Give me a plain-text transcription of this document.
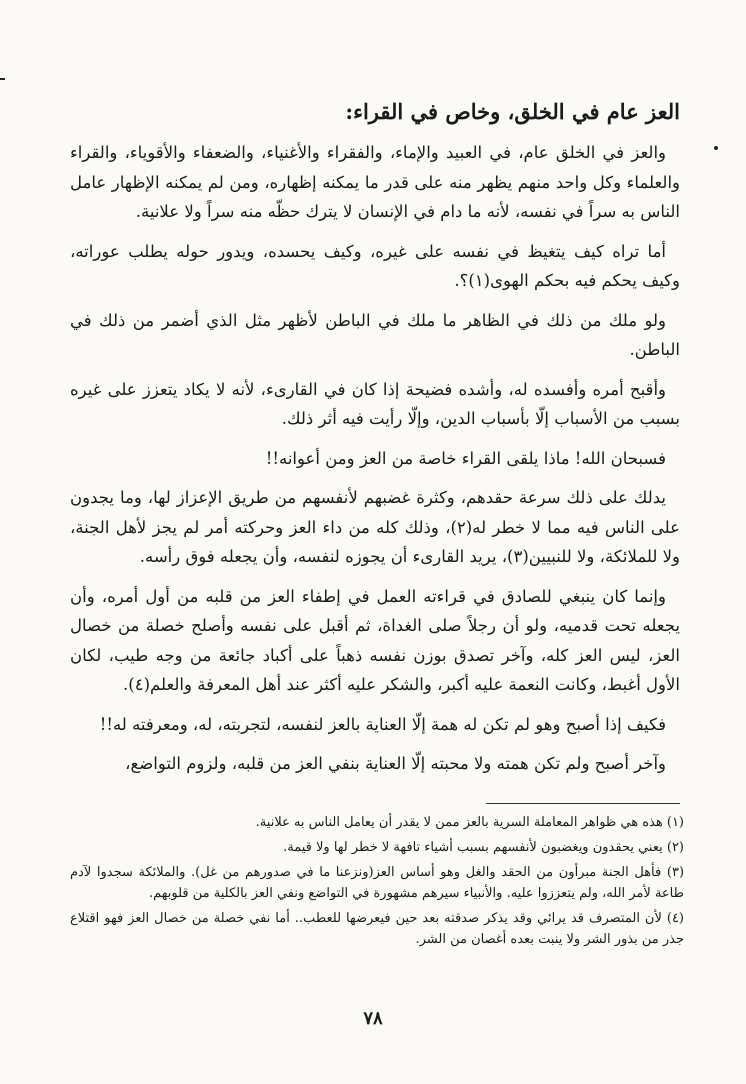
العز عام في الخلق، وخاص في القراء:

والعز في الخلق عام، في العبيد والإماء، والفقراء والأغنياء، والضعفاء والأقوياء، والقراء والعلماء وكل واحد منهم يظهر منه على قدر ما يمكنه إظهاره، ومن لم يمكنه الإظهار عامل الناس به سراً في نفسه، لأنه ما دام في الإنسان لا يترك حظّه منه سراً ولا علانية.

أما تراه كيف يتغيظ في نفسه على غيره، وكيف يحسده، ويدور حوله يطلب عوراته، وكيف يحكم فيه بحكم الهوى(١)؟.

ولو ملك من ذلك في الظاهر ما ملك في الباطن لأظهر مثل الذي أضمر من ذلك في الباطن.

وأقبح أمره وأفسده له، وأشده فضيحة إذا كان في القارىء، لأنه لا يكاد يتعزز على غيره بسبب من الأسباب إلّا بأسباب الدين، وإلّا رأيت فيه أثر ذلك.

فسبحان الله! ماذا يلقى القراء خاصة من العز ومن أعوانه!!

يدلك على ذلك سرعة حقدهم، وكثرة غضبهم لأنفسهم من طريق الإعزاز لها، وما يجدون على الناس فيه مما لا خطر له(٢)، وذلك كله من داء العز وحركته أمر لم يجز لأهل الجنة، ولا للملائكة، ولا للنبيين(٣)، يريد القارىء أن يجوزه لنفسه، وأن يجعله فوق رأسه.

وإنما كان ينبغي للصادق في قراءته العمل في إطفاء العز من قلبه من أول أمره، وأن يجعله تحت قدميه، ولو أن رجلاً صلى الغداة، ثم أقبل على نفسه وأصلح خصلة من خصال العز، ليس العز كله، وآخر تصدق بوزن نفسه ذهباً على أكباد جائعة من وجه طيب، لكان الأول أغبط، وكانت النعمة عليه أكبر، والشكر عليه أكثر عند أهل المعرفة والعلم(٤).

فكيف إذا أصبح وهو لم تكن له همة إلّا العناية بالعز لنفسه، لتجربته، له، ومعرفته له!!

وآخر أصبح ولم تكن همته ولا محبته إلّا العناية بنفي العز من قلبه، ولزوم التواضع،

(١) هذه هي ظواهر المعاملة السرية بالعز ممن لا يقدر أن يعامل الناس به علانية.

(٢) يعني يحقدون ويغضبون لأنفسهم بسبب أشياء تافهة لا خطر لها ولا قيمة.

(٣) فأهل الجنة مبرأون من الحقد والغل وهو أساس العز(ونزعنا ما في صدورهم من غل). والملائكة سجدوا لآدم طاعة لأمر الله، ولم يتعززوا عليه. والأنبياء سيرهم مشهورة في التواضع ونفي العز بالكلية من قلوبهم.

(٤) لأن المتصرف قد يرائي وقد يذكر صدقته بعد حين فيعرضها للعطب.. أما نفي خصلة من خصال العز فهو اقتلاع جذر من بذور الشر ولا ينبت بعده أغصان من الشر.

٧٨
